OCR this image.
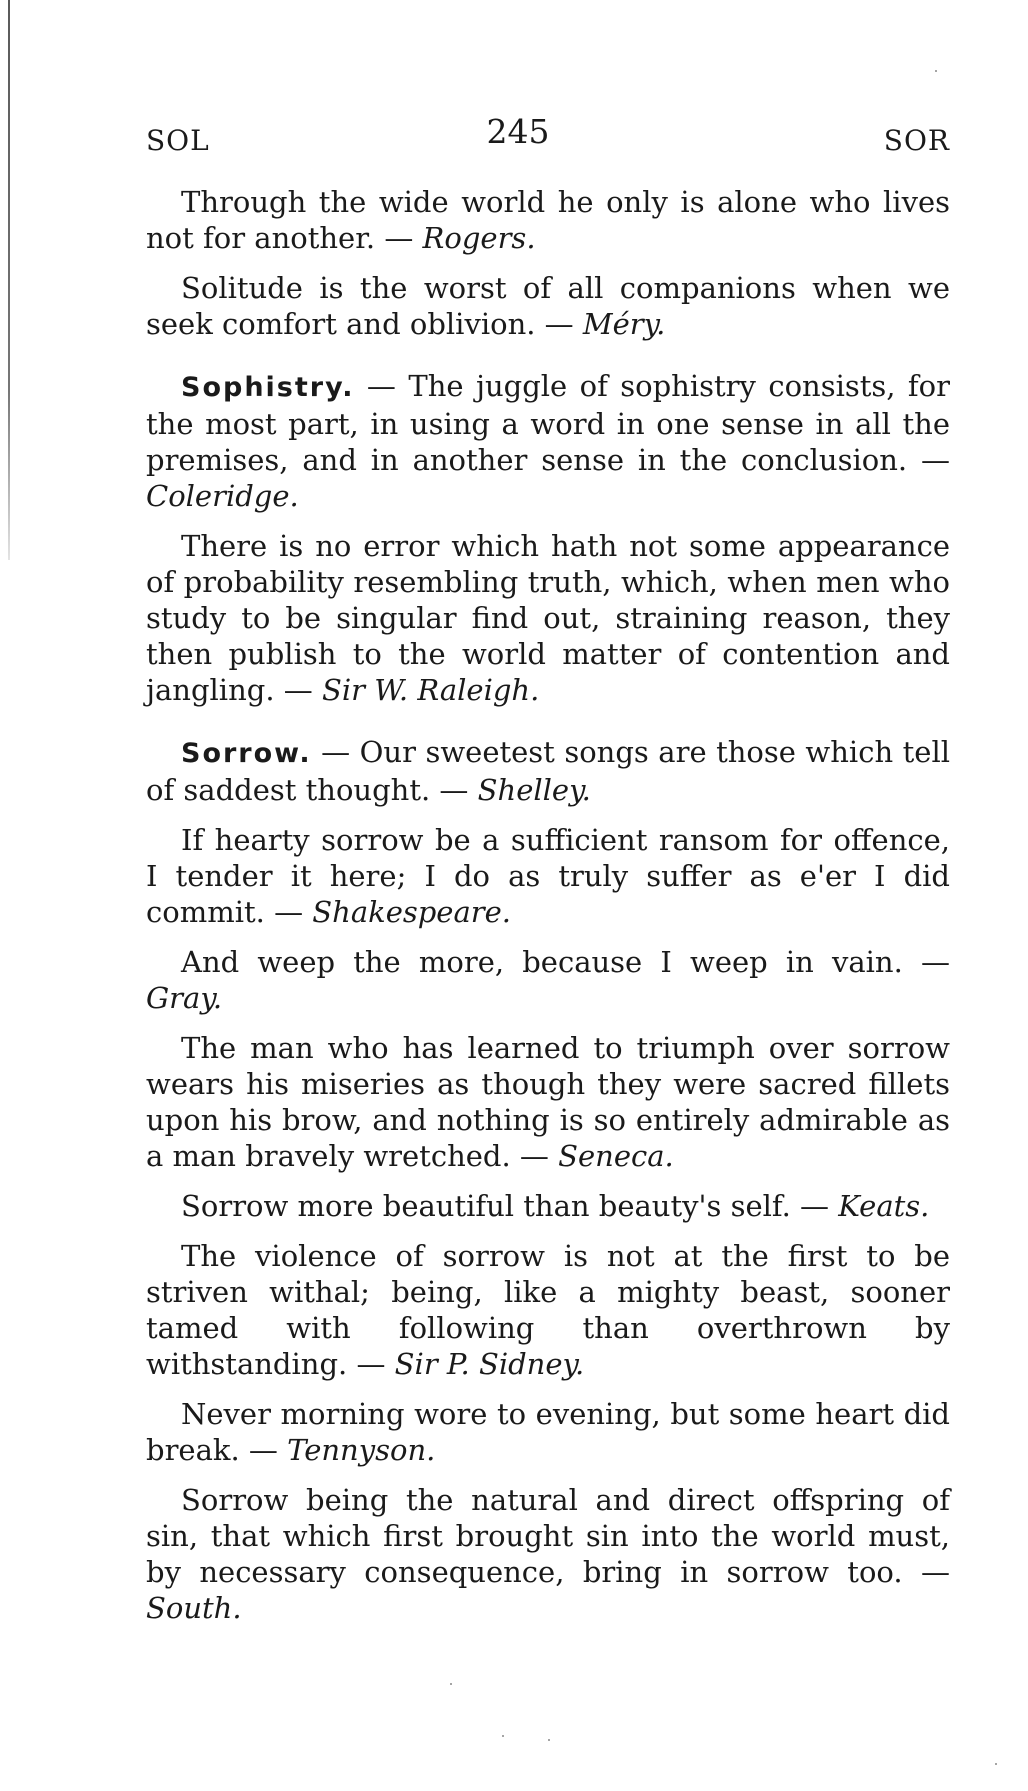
SOL	245	SOR

Through the wide world he only is alone who lives not for another. — Rogers.

Solitude is the worst of all companions when we seek comfort and oblivion. — Méry.

Sophistry. — The juggle of sophistry consists, for the most part, in using a word in one sense in all the premises, and in another sense in the conclusion. — Coleridge.

There is no error which hath not some appearance of probability resembling truth, which, when men who study to be singular find out, straining reason, they then publish to the world matter of contention and jangling. — Sir W. Raleigh.

Sorrow. — Our sweetest songs are those which tell of saddest thought. — Shelley.

If hearty sorrow be a sufficient ransom for offence, I tender it here; I do as truly suffer as e'er I did commit. — Shakespeare.

And weep the more, because I weep in vain. — Gray.

The man who has learned to triumph over sorrow wears his miseries as though they were sacred fillets upon his brow, and nothing is so entirely admirable as a man bravely wretched. — Seneca.

Sorrow more beautiful than beauty's self. — Keats.

The violence of sorrow is not at the first to be striven withal; being, like a mighty beast, sooner tamed with following than overthrown by withstanding. — Sir P. Sidney.

Never morning wore to evening, but some heart did break. — Tennyson.

Sorrow being the natural and direct offspring of sin, that which first brought sin into the world must, by necessary consequence, bring in sorrow too. — South.
